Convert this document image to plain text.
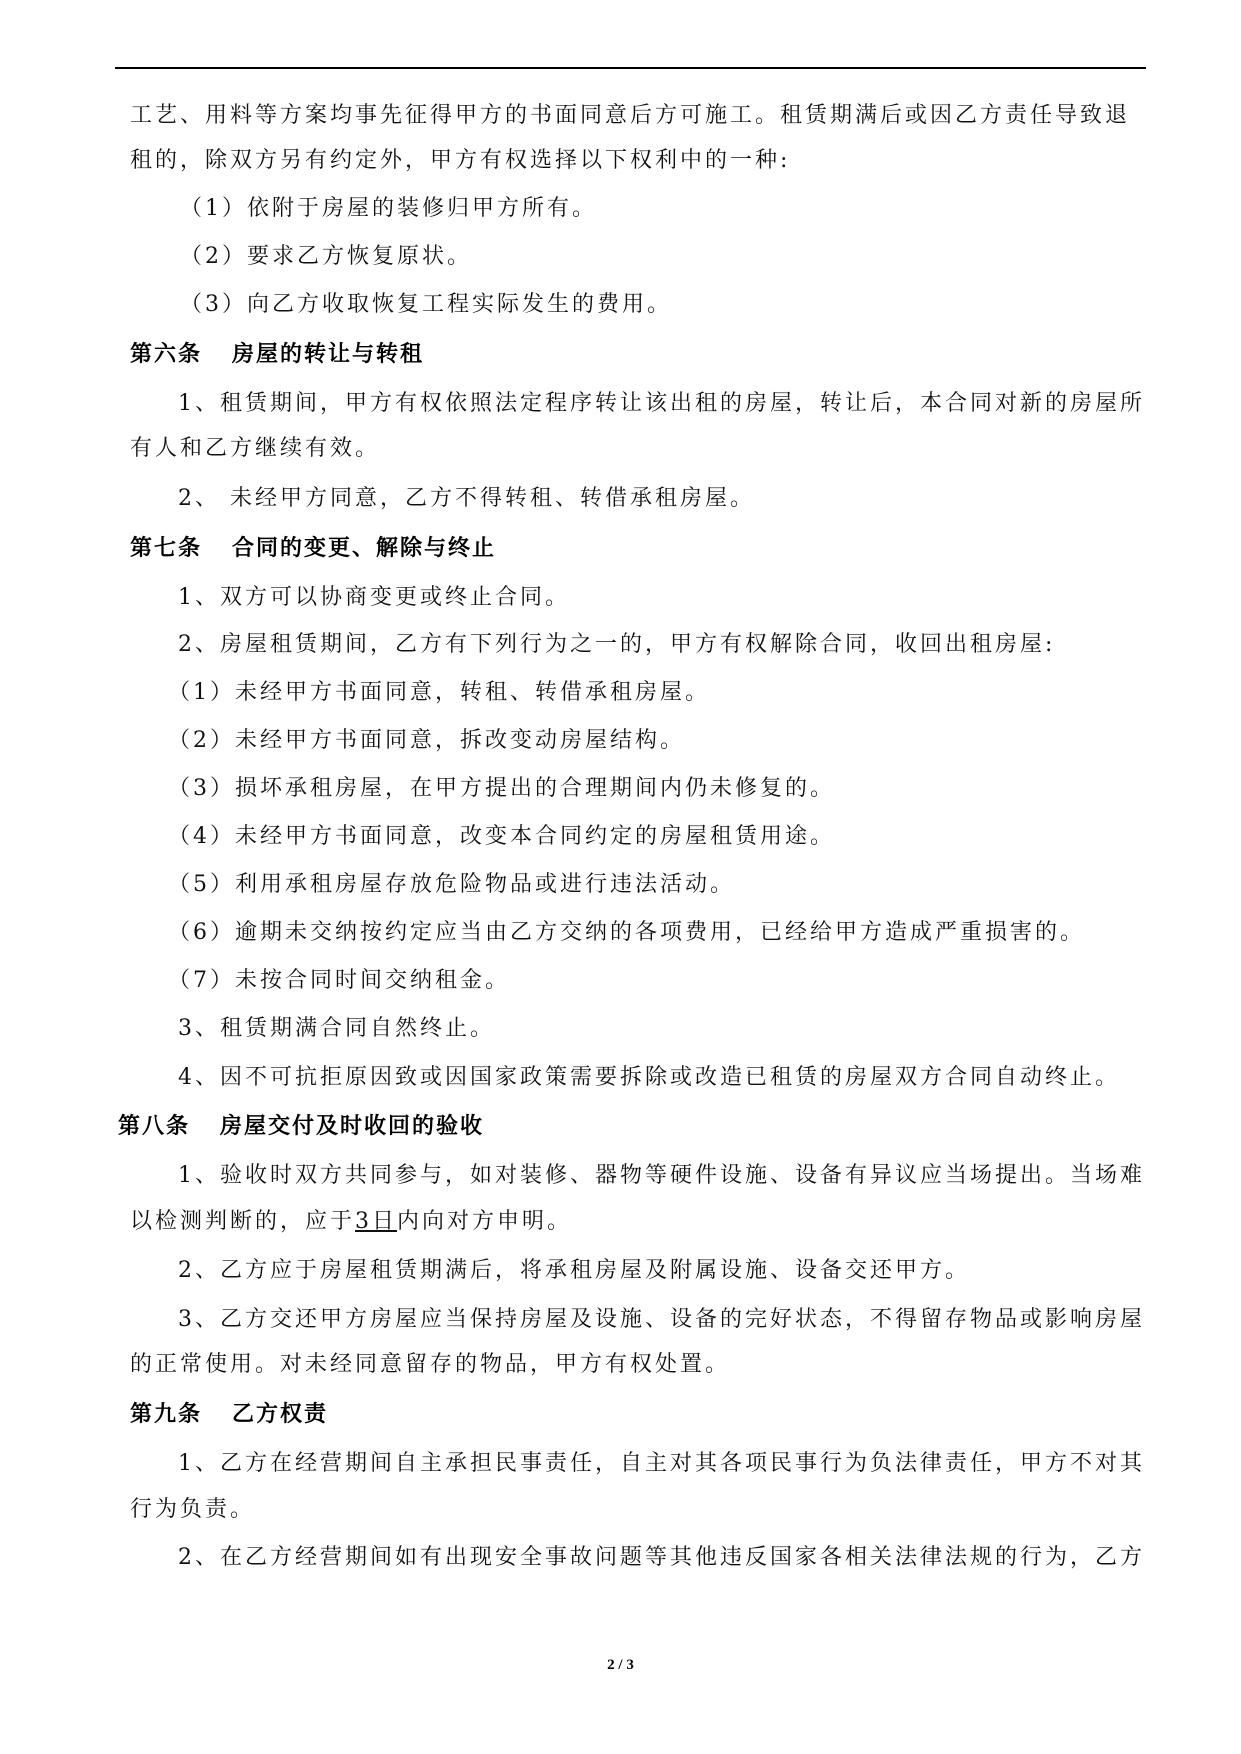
工艺、用料等方案均事先征得甲方的书面同意后方可施工。租赁期满后或因乙方责任导致退
租的，除双方另有约定外，甲方有权选择以下权利中的一种:
（1）依附于房屋的装修归甲方所有。
（2）要求乙方恢复原状。
（3）向乙方收取恢复工程实际发生的费用。
第六条 房屋的转让与转租
1、租赁期间，甲方有权依照法定程序转让该出租的房屋，转让后，本合同对新的房屋所
有人和乙方继续有效。
2、 未经甲方同意，乙方不得转租、转借承租房屋。
第七条 合同的变更、解除与终止
1、双方可以协商变更或终止合同。
2、房屋租赁期间，乙方有下列行为之一的，甲方有权解除合同，收回出租房屋:
（1）未经甲方书面同意，转租、转借承租房屋。
（2）未经甲方书面同意，拆改变动房屋结构。
（3）损坏承租房屋，在甲方提出的合理期间内仍未修复的。
（4）未经甲方书面同意，改变本合同约定的房屋租赁用途。
（5）利用承租房屋存放危险物品或进行违法活动。
（6）逾期未交纳按约定应当由乙方交纳的各项费用，已经给甲方造成严重损害的。
（7）未按合同时间交纳租金。
3、租赁期满合同自然终止。
4、因不可抗拒原因致或因国家政策需要拆除或改造已租赁的房屋双方合同自动终止。
第八条 房屋交付及时收回的验收
1、验收时双方共同参与，如对装修、器物等硬件设施、设备有异议应当场提出。当场难
以检测判断的，应于3日内向对方申明。
2、乙方应于房屋租赁期满后，将承租房屋及附属设施、设备交还甲方。
3、乙方交还甲方房屋应当保持房屋及设施、设备的完好状态，不得留存物品或影响房屋
的正常使用。对未经同意留存的物品，甲方有权处置。
第九条 乙方权责
1、乙方在经营期间自主承担民事责任，自主对其各项民事行为负法律责任，甲方不对其
行为负责。
2、在乙方经营期间如有出现安全事故问题等其他违反国家各相关法律法规的行为，乙方
2 / 3
